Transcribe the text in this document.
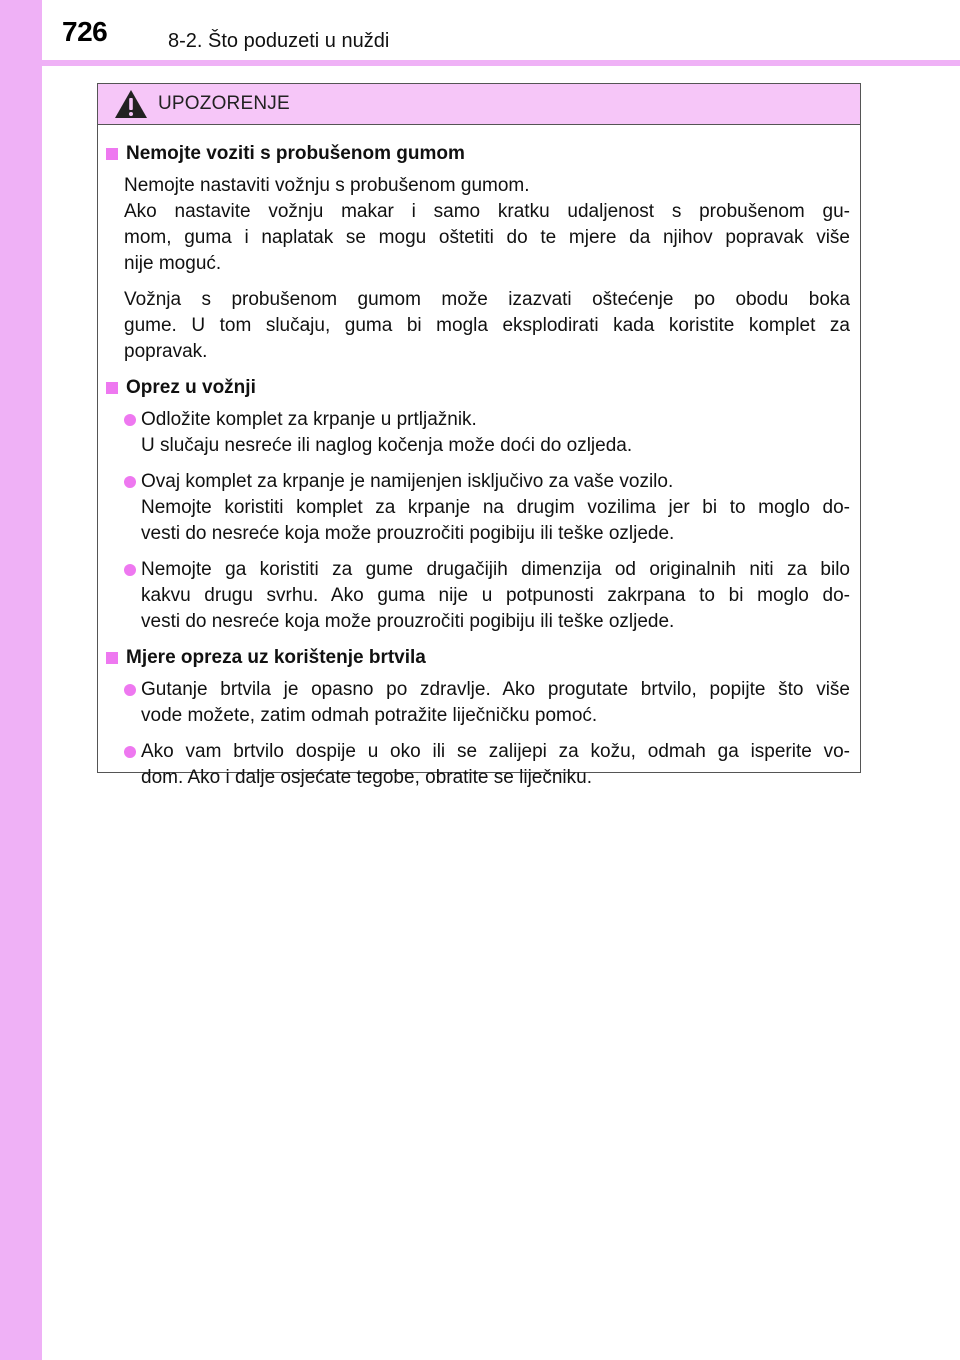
726	8-2. Što poduzeti u nuždi
UPOZORENJE
Nemojte voziti s probušenom gumom
Nemojte nastaviti vožnju s probušenom gumom.
Ako nastavite vožnju makar i samo kratku udaljenost s probušenom gu-
mom, guma i naplatak se mogu oštetiti do te mjere da njihov popravak više
nije moguć.
Vožnja s probušenom gumom može izazvati oštećenje po obodu boka
gume. U tom slučaju, guma bi mogla eksplodirati kada koristite komplet za
popravak.
Oprez u vožnji
Odložite komplet za krpanje u prtljažnik.
U slučaju nesreće ili naglog kočenja može doći do ozljeda.
Ovaj komplet za krpanje je namijenjen isključivo za vaše vozilo.
Nemojte koristiti komplet za krpanje na drugim vozilima jer bi to moglo do-
vesti do nesreće koja može prouzročiti pogibiju ili teške ozljede.
Nemojte ga koristiti za gume drugačijih dimenzija od originalnih niti za bilo
kakvu drugu svrhu. Ako guma nije u potpunosti zakrpana to bi moglo do-
vesti do nesreće koja može prouzročiti pogibiju ili teške ozljede.
Mjere opreza uz korištenje brtvila
Gutanje brtvila je opasno po zdravlje. Ako progutate brtvilo, popijte što više
vode možete, zatim odmah potražite liječničku pomoć.
Ako vam brtvilo dospije u oko ili se zalijepi za kožu, odmah ga isperite vo-
dom. Ako i dalje osjećate tegobe, obratite se liječniku.
